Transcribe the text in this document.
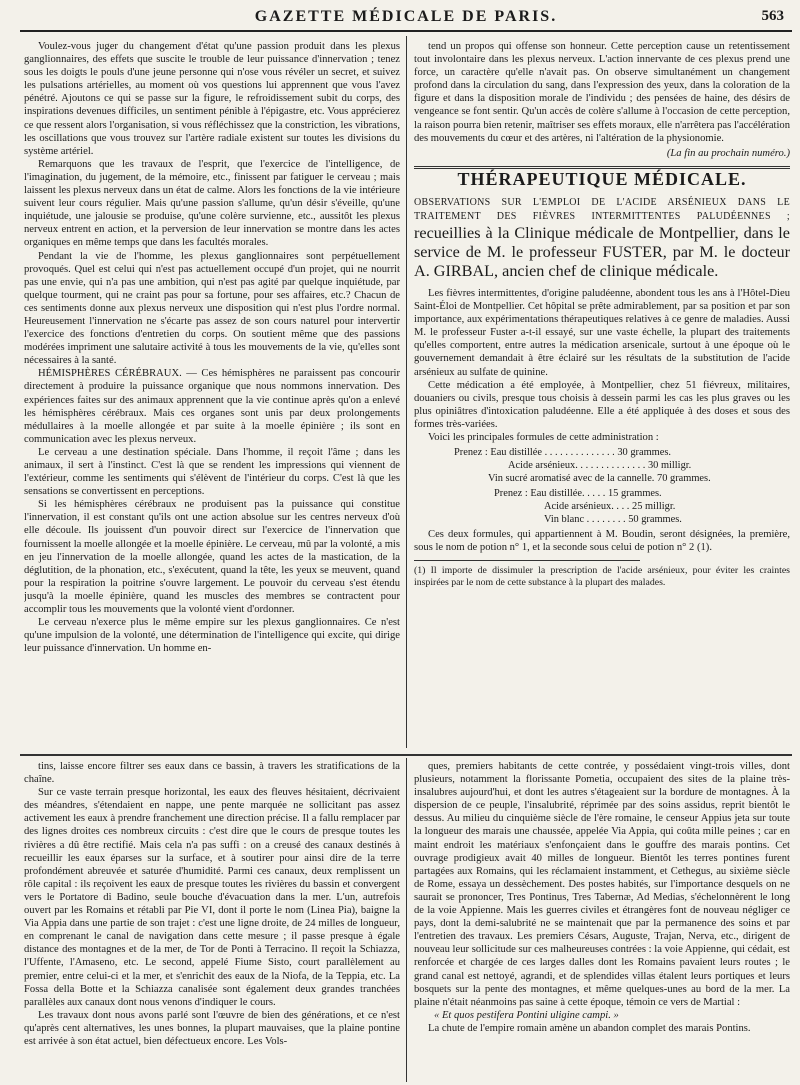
GAZETTE MÉDICALE DE PARIS.	563

Voulez-vous juger du changement d'état qu'une passion produit dans les plexus ganglionnaires, des effets que suscite le trouble de leur puissance d'innervation ; tenez sous les doigts le pouls d'une jeune personne qui n'ose vous révéler un secret, et suivez les pulsations artérielles, au moment où vos questions lui apprennent que vous l'avez pénétré. Ajoutons ce qui se passe sur la figure, le refroidissement subit du corps, des inspirations devenues difficiles, un sentiment pénible à l'épigastre, etc. Vous apprécierez ce que ressent alors l'organisation, si vous réfléchissez que la constriction, les vibrations, les oscillations que vous trouvez sur l'artère radiale existent sur toutes les divisions du système artériel.

Remarquons que les travaux de l'esprit, que l'exercice de l'intelligence, de l'imagination, du jugement, de la mémoire, etc., finissent par fatiguer le cerveau ; mais laissent les plexus nerveux dans un état de calme. Alors les fonctions de la vie intérieure suivent leur cours régulier. Mais qu'une passion s'allume, qu'un désir s'éveille, qu'une inquiétude, une jalousie se produise, qu'une colère survienne, etc., aussitôt les plexus nerveux entrent en action, et la perversion de leur innervation se montre dans les actes organiques en même temps que dans les facultés morales.

Pendant la vie de l'homme, les plexus ganglionnaires sont perpétuellement provoqués. Quel est celui qui n'est pas actuellement occupé d'un projet, qui ne nourrit pas une envie, qui n'a pas une ambition, qui n'est pas agité par quelque inquiétude, par quelque tourment, qui ne craint pas pour sa fortune, pour ses affaires, etc.? Chacun de ces sentiments donne aux plexus nerveux une disposition qui n'est plus l'ordre normal. Heureusement l'innervation ne s'écarte pas assez de son cours naturel pour intervertir l'exercice des fonctions d'entretien du corps. On soutient même que des passions modérées impriment une salutaire activité à tous les mouvements de la vie, qu'elles sont nécessaires à la santé.

HÉMISPHÈRES CÉRÉBRAUX. — Ces hémisphères ne paraissent pas concourir directement à produire la puissance organique que nous nommons innervation. Des expériences faites sur des animaux apprennent que la vie continue après qu'on a enlevé les hémisphères cérébraux. Mais ces organes sont unis par deux prolongements médullaires à la moelle allongée et par suite à la moelle épinière ; ils sont en communication avec les plexus nerveux.

Le cerveau a une destination spéciale. Dans l'homme, il reçoit l'âme ; dans les animaux, il sert à l'instinct. C'est là que se rendent les impressions qui viennent de l'extérieur, comme les sentiments qui s'élèvent de l'intérieur du corps. C'est là que les sensations se convertissent en perceptions.

Si les hémisphères cérébraux ne produisent pas la puissance qui constitue l'innervation, il est constant qu'ils ont une action absolue sur les centres nerveux d'où elle découle. Ils jouissent d'un pouvoir direct sur l'exercice de l'innervation que fournissent la moelle allongée et la moelle épinière. Le cerveau, mû par la volonté, a mis en jeu l'innervation de la moelle allongée, quand les actes de la mastication, de la déglutition, de la phonation, etc., s'exécutent, quand la tête, les yeux se meuvent, quand pour la respiration la poitrine s'ouvre largement. Le pouvoir du cerveau s'est étendu jusqu'à la moelle épinière, quand les muscles des membres se contractent pour accomplir tous les mouvements que la volonté vient d'ordonner.

Le cerveau n'exerce plus le même empire sur les plexus ganglionnaires. Ce n'est qu'une impulsion de la volonté, une détermination de l'intelligence qui excite, qui dirige leur puissance d'innervation. Un homme en-

tend un propos qui offense son honneur. Cette perception cause un retentissement tout involontaire dans les plexus nerveux. L'action innervante de ces plexus prend une force, un caractère qu'elle n'avait pas. On observe simultanément un changement profond dans la circulation du sang, dans l'expression des yeux, dans la coloration de la figure et dans la disposition morale de l'individu ; des pensées de haine, des désirs de vengeance se font sentir. Qu'un accès de colère s'allume à l'occasion de cette perception, la raison pourra bien retenir, maîtriser ses effets moraux, elle n'arrêtera pas l'accélération des mouvements du cœur et des artères, ni l'altération de la physionomie.

(La fin au prochain numéro.)
THÉRAPEUTIQUE MÉDICALE.
OBSERVATIONS SUR L'EMPLOI DE L'ACIDE ARSÉNIEUX DANS LE TRAITEMENT DES FIÈVRES INTERMITTENTES PALUDÉENNES ; recueillies à la Clinique médicale de Montpellier, dans le service de M. le professeur FUSTER, par M. le docteur A. GIRBAL, ancien chef de clinique médicale.

Les fièvres intermittentes, d'origine paludéenne, abondent tous les ans à l'Hôtel-Dieu Saint-Éloi de Montpellier. Cet hôpital se prête admirablement, par sa position et par son importance, aux expérimentations thérapeutiques relatives à ce genre de maladies. Aussi M. le professeur Fuster a-t-il essayé, sur une vaste échelle, la plupart des traitements qu'elles comportent, entre autres la médication arsenicale, surtout à une époque où le gouvernement demandait à être éclairé sur les résultats de la substitution de l'acide arsénieux au sulfate de quinine.

Cette médication a été employée, à Montpellier, chez 51 fiévreux, militaires, douaniers ou civils, presque tous choisis à dessein parmi les cas les plus graves ou les plus opiniâtres d'intoxication paludéenne. Elle a été appliquée à des doses et sous des formes très-variées.

Voici les principales formules de cette administration :

Prenez : Eau distillée . . . . . . . . . . . . . . 30 grammes.
Acide arsénieux. . . . . . . . . . . . . . 30 milligr.
Vin sucré aromatisé avec de la cannelle. 70 grammes.
Prenez : Eau distillée. . . . . 15 grammes.
Acide arsénieux. . . . 25 milligr.
Vin blanc . . . . . . . . 50 grammes.

Ces deux formules, qui appartiennent à M. Boudin, seront désignées, la première, sous le nom de potion n° 1, et la seconde sous celui de potion n° 2 (1).

(1) Il importe de dissimuler la prescription de l'acide arsénieux, pour éviter les craintes inspirées par le nom de cette substance à la plupart des malades.

tins, laisse encore filtrer ses eaux dans ce bassin, à travers les stratifications de la chaîne.

Sur ce vaste terrain presque horizontal, les eaux des fleuves hésitaient, décrivaient des méandres, s'étendaient en nappe, une pente marquée ne sollicitant pas assez activement les eaux à prendre franchement une direction précise. Il a fallu remplacer par des lignes droites ces nombreux circuits : c'est dire que le cours de presque toutes les rivières a dû être rectifié. Mais cela n'a pas suffi : on a creusé des canaux destinés à recueillir les eaux éparses sur la surface, et à soutirer pour ainsi dire de la terre profondément abreuvée et saturée d'humidité. Parmi ces canaux, deux remplissent un rôle capital : ils reçoivent les eaux de presque toutes les rivières du bassin et convergent vers le Portatore di Badino, seule bouche d'évacuation dans la mer. L'un, autrefois ouvert par les Romains et rétabli par Pie VI, dont il porte le nom (Linea Pia), baigne la Via Appia dans une partie de son trajet : c'est une ligne droite, de 24 milles de longueur, en comprenant le canal de navigation dans cette mesure ; il passe presque à égale distance des montagnes et de la mer, de Tor de Ponti à Terracino. Il reçoit la Schiazza, l'Uffente, l'Amaseno, etc. Le second, appelé Fiume Sisto, court parallèlement au premier, entre celui-ci et la mer, et s'enrichit des eaux de la Niofa, de la Teppia, etc. La Fossa della Botte et la Schiazza canalisée sont également deux grandes tranchées parallèles aux canaux dont nous venons d'indiquer le cours.

Les travaux dont nous avons parlé sont l'œuvre de bien des générations, et ce n'est qu'après cent alternatives, les unes bonnes, la plupart mauvaises, que la plaine pontine est arrivée à son état actuel, bien défectueux encore. Les Vols-

ques, premiers habitants de cette contrée, y possédaient vingt-trois villes, dont plusieurs, notamment la florissante Pometia, occupaient des sites de la plaine très-insalubres aujourd'hui, et dont les autres s'étageaient sur la bordure de montagnes. À la dispersion de ce peuple, l'insalubrité, réprimée par des soins assidus, reprit bientôt le dessus. Au milieu du cinquième siècle de l'ère romaine, le censeur Appius jeta sur toute la longueur des marais une chaussée, appelée Via Appia, qui coûta mille peines ; car en maint endroit les matériaux s'enfonçaient dans le gouffre des marais pontins. Cet ouvrage prodigieux avait 40 milles de longueur. Bientôt les terres pontines furent partagées aux Romains, qui les réclamaient instamment, et Cethegus, au sixième siècle de Rome, essaya un dessèchement. Des postes habités, sur l'importance desquels on ne saurait se prononcer, Tres Pontinus, Tres Tabernæ, Ad Medias, s'échelonnèrent le long de la voie Appienne. Mais les guerres civiles et étrangères font de nouveau négliger ce pays, dont la demi-salubrité ne se maintenait que par la permanence des soins et par l'entretien des travaux. Les premiers Césars, Auguste, Trajan, Nerva, etc., dirigent de nouveau leur sollicitude sur ces malheureuses contrées : la voie Appienne, qui cédait, est renforcée et chargée de ces larges dalles dont les Romains pavaient leurs routes ; le grand canal est nettoyé, agrandi, et de splendides villas étalent leurs portiques et leurs bosquets sur la pente des montagnes, et même quelques-unes au bord de la mer. La plaine n'était néanmoins pas saine à cette époque, témoin ce vers de Martial :

« Et quos pestifera Pontini uligine campi. »

La chute de l'empire romain amène un abandon complet des marais Pontins.
